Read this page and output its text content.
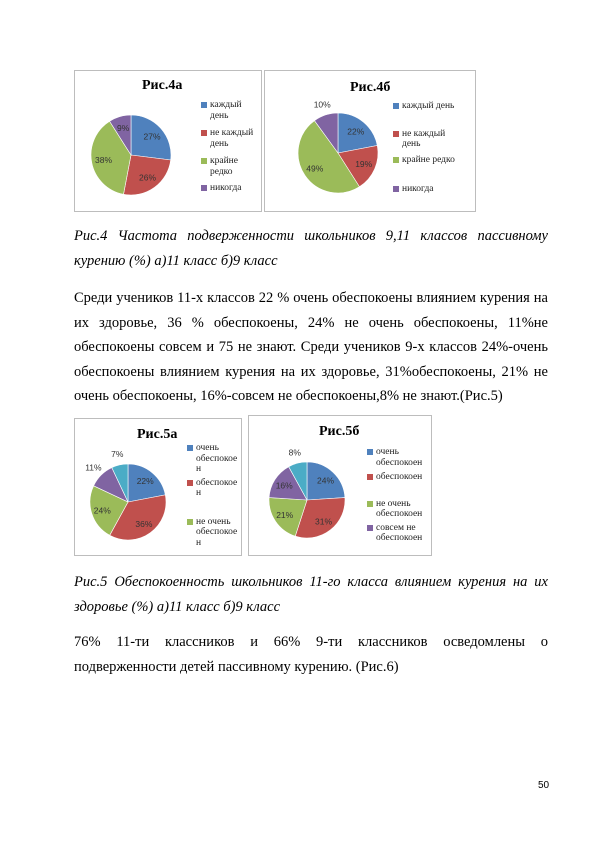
Рис.4а
27%
26%
38%
9%
каждый
день
не каждый
день
крайне
редко
никогда
Рис.4б
22%
19%
49%
10%	каждый день
не каждый
день
крайне редко
никогда
Рис.4 Частота подверженности школьников 9,11 классов пассивному курению (%) а)11 класс б)9 класс
Среди учеников 11-х классов 22 % очень обеспокоены влиянием курения на их здоровье, 36 % обеспокоены, 24% не очень обеспокоены, 11%не обеспокоены совсем и 75 не знают. Среди учеников 9-х классов 24%-очень обеспокоены влиянием курения на их здоровье, 31%обеспокоены, 21% не очень обеспокоены, 16%-совсем не обеспокоены,8% не знают.(Рис.5)
Рис.5а
22%
36%
24%
11%
7%
очень
обеспокое
н
обеспокое
н
не очень
обеспокое
н
Рис.5б
24%
31%
21%
16%
8%	очень
обеспокоен
обеспокоен
не очень
обеспокоен
совсем не
обеспокоен
Рис.5 Обеспокоенность школьников 11-го класса влиянием курения на их здоровье (%) а)11 класс б)9 класс
76% 11-ти классников и 66% 9-ти классников осведомлены о подверженности детей пассивному курению. (Рис.6)
50
